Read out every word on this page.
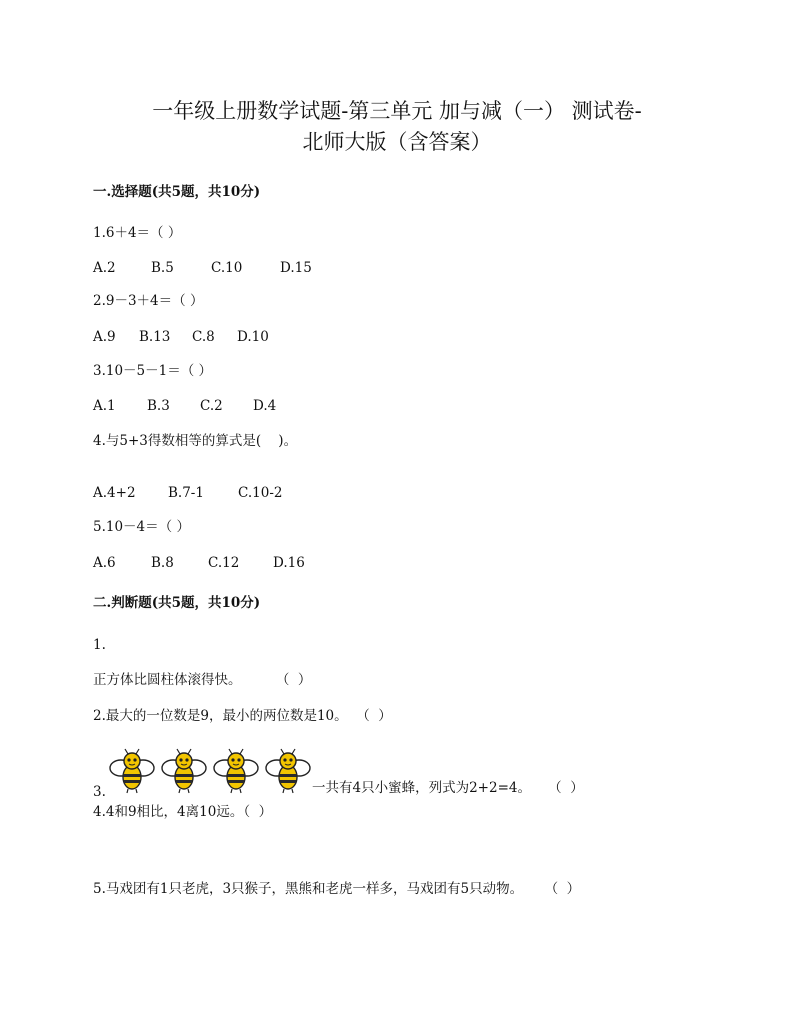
一年级上册数学试题-第三单元 加与减（一） 测试卷-
北师大版（含答案）
一.选择题(共5题，共10分)
1.6＋4＝（ ）
A.2	B.5	C.10	D.15
2.9－3＋4＝（ ）
A.9 B.13 C.8 D.10
3.10－5－1＝（ ）
A.1 B.3 C.2 D.4
4.与5+3得数相等的算式是(    )。
A.4+2 B.7-1	C.10-2
5.10－4＝（ ）
A.6	B.8	C.12 D.16
二.判断题(共5题，共10分)
1.
正方体比圆柱体滚得快。        （  ）
2.最大的一位数是9，最小的两位数是10。  （  ）
3.	一共有4只小蜜蜂，列式为2+2=4。    （  ）
4.4和9相比，4离10远。（  ）
5.马戏团有1只老虎，3只猴子，黑熊和老虎一样多，马戏团有5只动物。     （  ）
